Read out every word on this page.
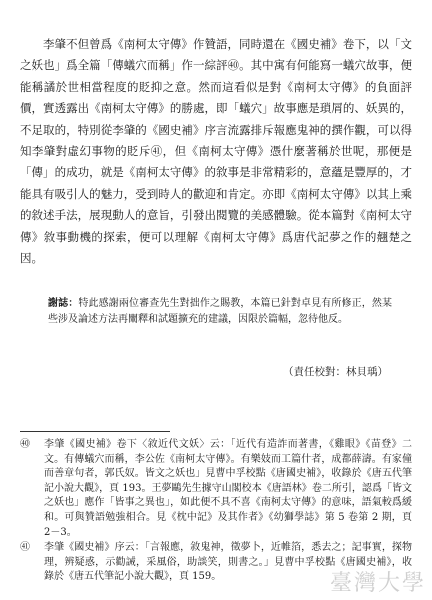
李肇不但曾爲《南柯太守傳》作贊語，同時還在《國史補》卷下，以「文之妖也」爲全篇「傳蟻穴而稱」作一綜評㊵。其中寓有何能寫一蟻穴故事，便能稱譎於世相當程度的貶抑之意。然而這看似是對《南柯太守傳》的負面評價，實透露出《南柯太守傳》的勝處，即「蟻穴」故事應是瑣屑的、妖異的，不足取的，特別從李肇的《國史補》序言流露排斥報應鬼神的撰作觀，可以得知李肇對虛幻事物的貶斥㊶，但《南柯太守傳》憑什麼著稱於世呢，那便是「傳」的成功，就是《南柯太守傳》的敘事是非常精彩的，意蘊是豐厚的，才能具有吸引人的魅力，受到時人的歡迎和肯定。亦即《南柯太守傳》以其上乘的敘述手法，展現動人的意旨，引發出閱覽的美感體驗。從本篇對《南柯太守傳》敘事動機的探索，便可以理解《南柯太守傳》爲唐代記夢之作的翹楚之因。

謝誌：特此感謝兩位審查先生對拙作之賜教，本篇已針對卓見有所修正，然某些涉及論述方法再闡釋和試題擴充的建議，因限於篇幅，忽待他反。
（責任校對：林貝瑀）
㊵	李肇《國史補》卷下〈敘近代文妖〉云：「近代有造詐而著書，《雞眼》《苗登》二文。有傳蟻穴而稱，李公佐《南柯太守傳》。有樂妓而工篇什者，成都薛濤。有家僮而善章句者，郭氏奴。皆文之妖也」見曹中孚校點《唐國史補》，收錄於《唐五代筆記小說大觀》，頁 193。王夢鷗先生據守山閣校本《唐語林》卷二所引，認爲「皆文之妖也」應作「皆事之異也」，如此便不具不喜《南柯太守傳》的意味，語氣較爲緩和。可與贊語勉強相合。見《枕中記》及其作者》《幼獅學誌》第 5 卷第 2 期，頁 2－3。
㊶	李肇《國史補》序云：「言報應，敘鬼神，徵夢卜，近帷箔，悉去之；記事實，探物理，辨疑惑，示勸誡，采風俗，助談笑，則書之。」見曹中孚校點《唐國史補》，收錄於《唐五代筆記小說大觀》，頁 159。	臺灣大學
